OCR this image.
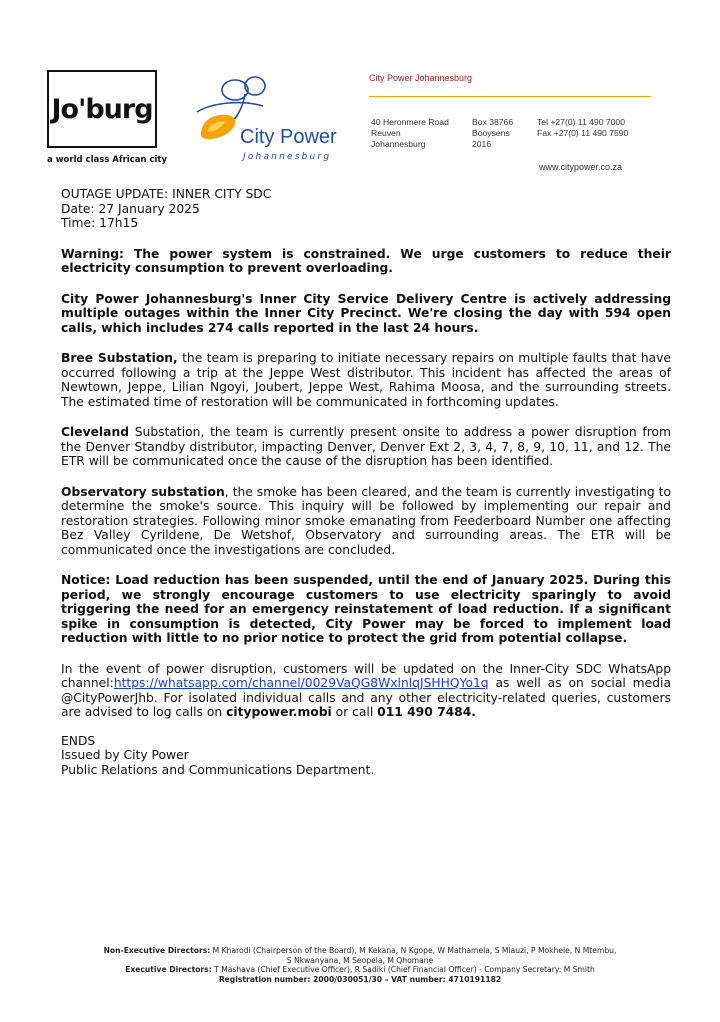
Jo'burg
a world class African city
City Power
Johannesburg
City Power Johannesburg
40 Heronmere Road
Reuven
Johannesburg
Box 38766
Booysens
2016
Tel +27(0) 11 490 7000
Fax +27(0) 11 490 7590
www.citypower.co.za
OUTAGE UPDATE: INNER CITY SDC
Date: 27 January 2025
Time: 17h15

Warning: The power system is constrained. We urge customers to reduce their electricity consumption to prevent overloading.

City Power Johannesburg's Inner City Service Delivery Centre is actively addressing multiple outages within the Inner City Precinct. We're closing the day with 594 open calls, which includes 274 calls reported in the last 24 hours.

Bree Substation, the team is preparing to initiate necessary repairs on multiple faults that have occurred following a trip at the Jeppe West distributor. This incident has affected the areas of Newtown, Jeppe, Lilian Ngoyi, Joubert, Jeppe West, Rahima Moosa, and the surrounding streets. The estimated time of restoration will be communicated in forthcoming updates.

Cleveland Substation, the team is currently present onsite to address a power disruption from the Denver Standby distributor, impacting Denver, Denver Ext 2, 3, 4, 7, 8, 9, 10, 11, and 12. The ETR will be communicated once the cause of the disruption has been identified.

Observatory substation, the smoke has been cleared, and the team is currently investigating to determine the smoke's source. This inquiry will be followed by implementing our repair and restoration strategies. Following minor smoke emanating from Feederboard Number one affecting Bez Valley Cyrildene, De Wetshof, Observatory and surrounding areas. The ETR will be communicated once the investigations are concluded.

Notice: Load reduction has been suspended, until the end of January 2025. During this period, we strongly encourage customers to use electricity sparingly to avoid triggering the need for an emergency reinstatement of load reduction. If a significant spike in consumption is detected, City Power may be forced to implement load reduction with little to no prior notice to protect the grid from potential collapse.

In the event of power disruption, customers will be updated on the Inner-City SDC WhatsApp channel:https://whatsapp.com/channel/0029VaQG8WxlnlqJSHHQYo1q as well as on social media @CityPowerJhb. For isolated individual calls and any other electricity-related queries, customers are advised to log calls on citypower.mobi or call 011 490 7484.

ENDS
Issued by City Power
Public Relations and Communications Department.
Non-Executive Directors: M Kharodi (Chairperson of the Board), M Kekana, N Kgope, W Mathamela, S Mlauzi, P Mokhele, N Mtembu,
S Nkwanyana, M Seopela, M Qhomane
Executive Directors: T Mashava (Chief Executive Officer), R Sadiki (Chief Financial Officer) - Company Secretary: M Smith
Registration number: 2000/030051/30 – VAT number: 4710191182
